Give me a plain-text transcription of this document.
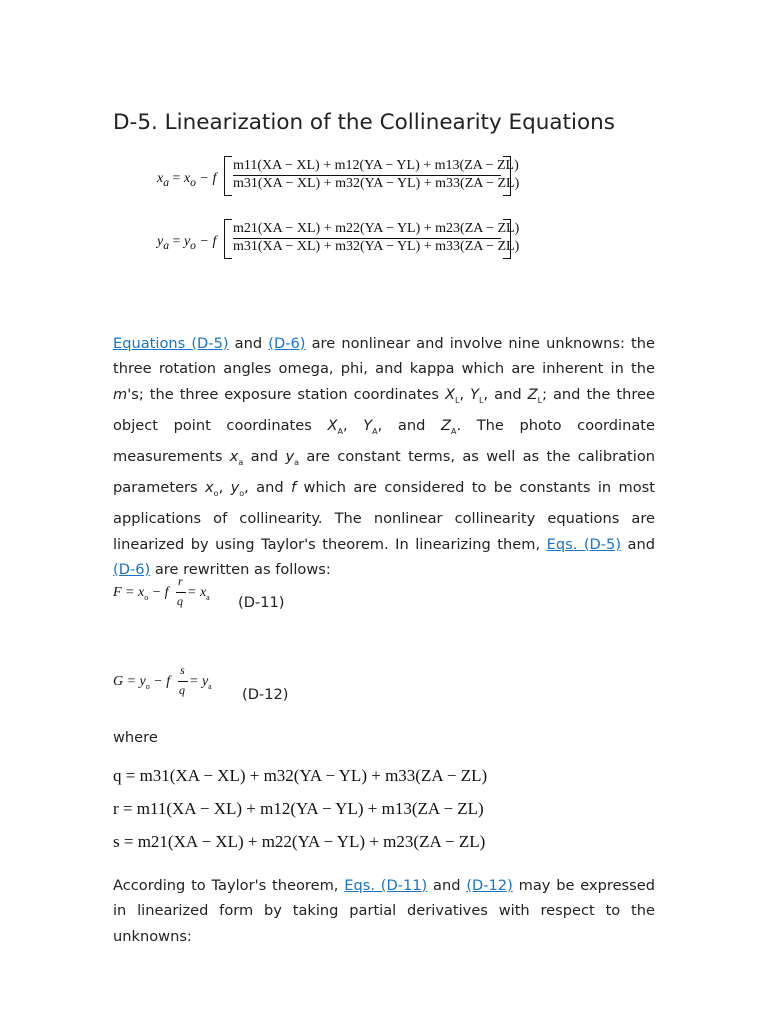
D-5. Linearization of the Collinearity Equations
$x_a = x_o - f$
m11(XA − XL) + m12(YA − YL) + m13(ZA − ZL)
m31(XA − XL) + m32(YA − YL) + m33(ZA − ZL)
$y_a = y_o - f$
m21(XA − XL) + m22(YA − YL) + m23(ZA − ZL)
m31(XA − XL) + m32(YA − YL) + m33(ZA − ZL)

Equations (D-5) and (D-6) are nonlinear and involve nine unknowns: the three rotation angles omega, phi, and kappa which are inherent in the m's; the three exposure station coordinates $X_L$, $Y_L$, and $Z_L$; and the three object point coordinates $X_A$, $Y_A$, and $Z_A$. The photo coordinate measurements $x_a$ and $y_a$ are constant terms, as well as the calibration parameters $x_o$, $y_o$, and f which are considered to be constants in most applications of collinearity. The nonlinear collinearity equations are linearized by using Taylor's theorem. In linearizing them, Eqs. (D-5) and (D-6) are rewritten as follows:

$F = x_o - f$
r
q
= $x_a$ (D-11)
$G = y_o - f$
s
q
= $y_a$ (D-12)
where
q = m31(XA − XL) + m32(YA − YL) + m33(ZA − ZL)
r = m11(XA − XL) + m12(YA − YL) + m13(ZA − ZL)
s = m21(XA − XL) + m22(YA − YL) + m23(ZA − ZL)

According to Taylor's theorem, Eqs. (D-11) and (D-12) may be expressed in linearized form by taking partial derivatives with respect to the unknowns:
